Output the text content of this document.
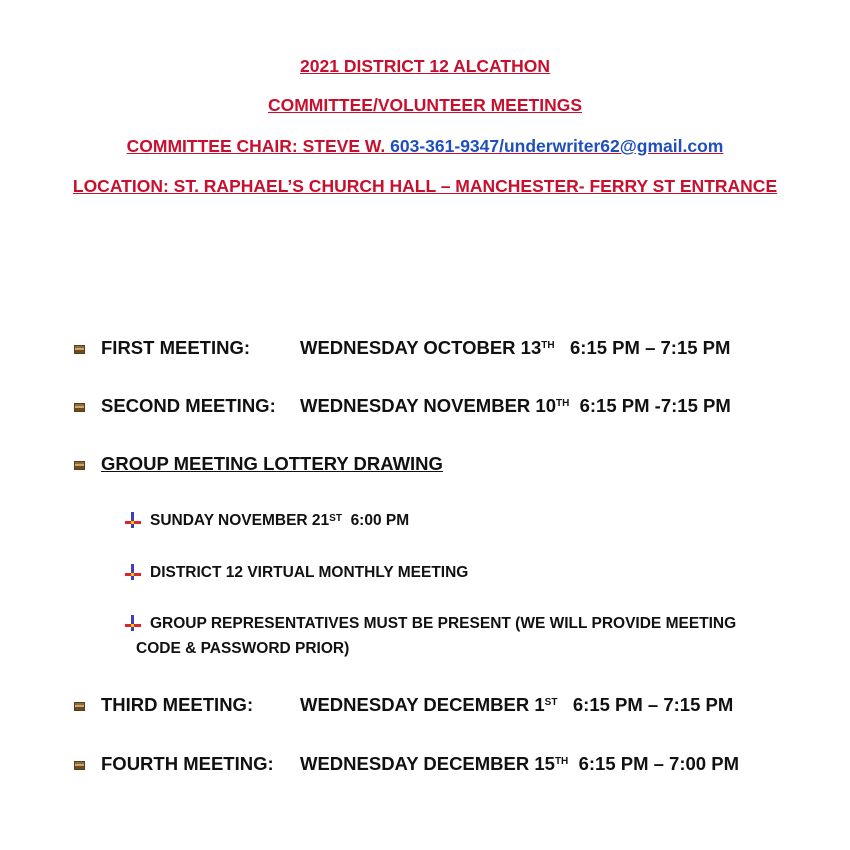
2021 DISTRICT 12 ALCATHON
COMMITTEE/VOLUNTEER MEETINGS
COMMITTEE CHAIR: STEVE W. 603-361-9347/underwriter62@gmail.com
LOCATION: ST. RAPHAEL’S CHURCH HALL – MANCHESTER- FERRY ST ENTRANCE
FIRST MEETING:	WEDNESDAY OCTOBER 13TH   6:15 PM – 7:15 PM
SECOND MEETING: WEDNESDAY NOVEMBER 10TH  6:15 PM -7:15 PM
GROUP MEETING LOTTERY DRAWING
SUNDAY NOVEMBER 21ST  6:00 PM
DISTRICT 12 VIRTUAL MONTHLY MEETING
GROUP REPRESENTATIVES MUST BE PRESENT (WE WILL PROVIDE MEETING
CODE & PASSWORD PRIOR)
THIRD MEETING:	WEDNESDAY DECEMBER 1ST   6:15 PM – 7:15 PM
FOURTH MEETING: WEDNESDAY DECEMBER 15TH  6:15 PM – 7:00 PM
